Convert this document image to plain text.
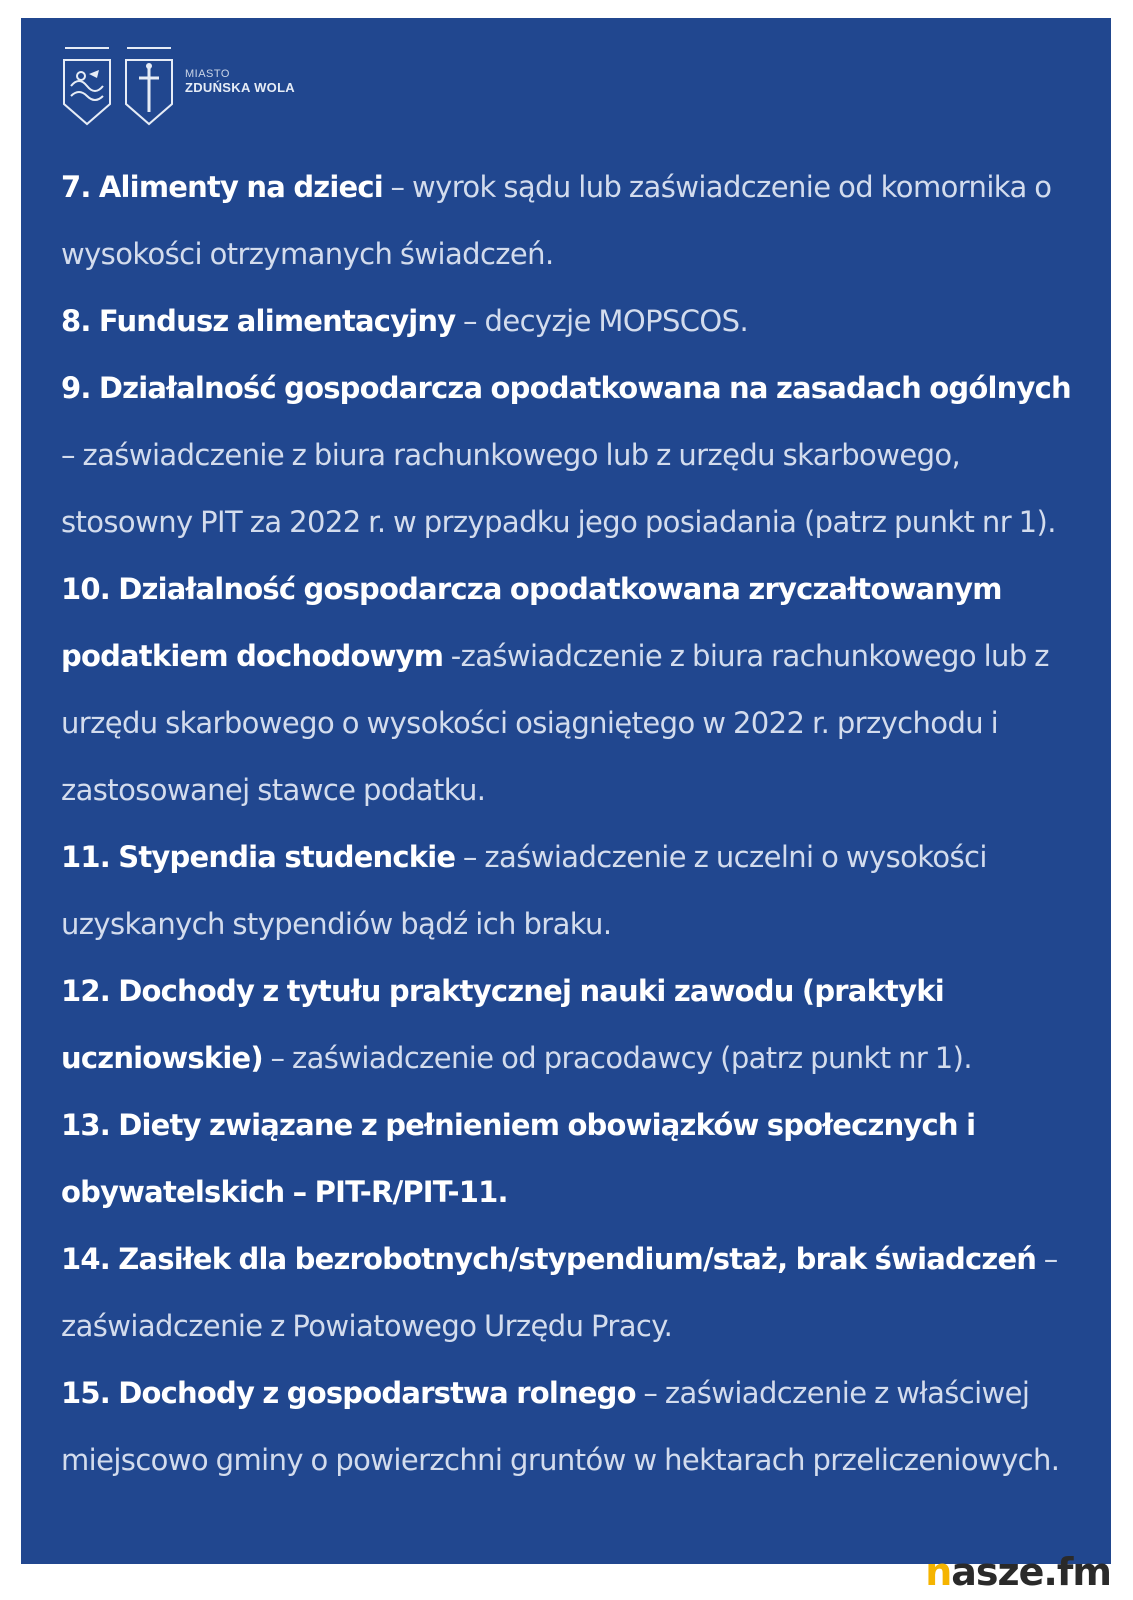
MIASTO
ZDUŃSKA WOLA

7. Alimenty na dzieci – wyrok sądu lub zaświadczenie od komornika o wysokości otrzymanych świadczeń.

8. Fundusz alimentacyjny – decyzje MOPSCOS.

9. Działalność gospodarcza opodatkowana na zasadach ogólnych – zaświadczenie z biura rachunkowego lub z urzędu skarbowego, stosowny PIT za 2022 r. w przypadku jego posiadania (patrz punkt nr 1).

10. Działalność gospodarcza opodatkowana zryczałtowanym podatkiem dochodowym -zaświadczenie z biura rachunkowego lub z urzędu skarbowego o wysokości osiągniętego w 2022 r. przychodu i zastosowanej stawce podatku.

11. Stypendia studenckie – zaświadczenie z uczelni o wysokości uzyskanych stypendiów bądź ich braku.

12. Dochody z tytułu praktycznej nauki zawodu (praktyki uczniowskie) – zaświadczenie od pracodawcy (patrz punkt nr 1).

13. Diety związane z pełnieniem obowiązków społecznych i obywatelskich – PIT-R/PIT-11.

14. Zasiłek dla bezrobotnych/stypendium/staż, brak świadczeń – zaświadczenie z Powiatowego Urzędu Pracy.

15. Dochody z gospodarstwa rolnego – zaświadczenie z właściwej miejscowo gminy o powierzchni gruntów w hektarach przeliczeniowych.

nasze.fm
